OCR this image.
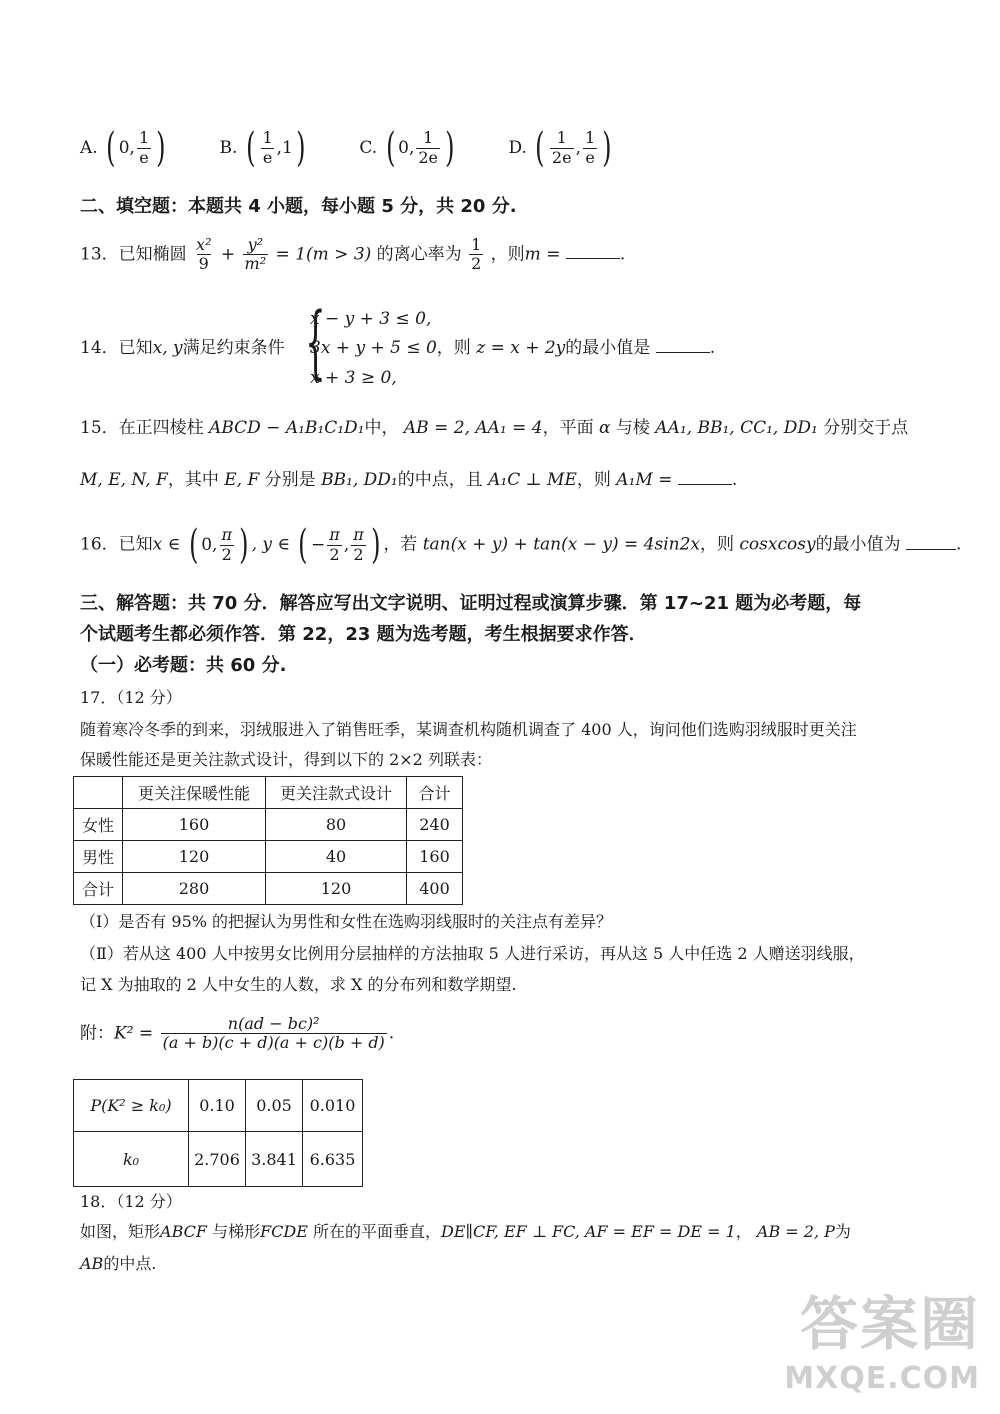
A. ( 0, $\frac{1}{e}$ )	B. ( $\frac{1}{e} ,1$ )	C. ( 0, $\frac{1}{2e}$ )	D. ( $\frac{1}{2e}$ , $\frac{1}{e}$ )
二、填空题：本题共 4 小题，每小题 5 分，共 20 分.
13．已知椭圆 $\frac{\text{x²}}{9} + \frac{\text{y²}}{\text{m²}} = 1(m > 3)$ 的离心率为 $\frac{1}{2}$ ，则m =	.
14．已知x, y满足约束条件 {
x − y + 3 ≤ 0,
3x + y + 5 ≤ 0，则 z = x + 2y的最小值是	.
x + 3 ≥ 0,
15．在正四棱柱 ABCD − A₁B₁C₁D₁中， AB = 2, AA₁ = 4，平面 α 与棱 AA₁, BB₁, CC₁, DD₁ 分别交于点
M, E, N, F，其中 E, F 分别是 BB₁, DD₁的中点，且 A₁C ⊥ ME，则 A₁M =	.
16．已知x ∈ ( 0, $\frac{\pi}{2}$ ) , y ∈ ( − $\frac{\pi}{2}$ , $\frac{\pi}{2}$ ) ，若 tan(x + y) + tan(x − y) = 4sin2x，则 cosxcosy的最小值为	.
三、解答题：共 70 分．解答应写出文字说明、证明过程或演算步骤．第 17~21 题为必考题，每
个试题考生都必须作答．第 22，23 题为选考题，考生根据要求作答．
（一）必考题：共 60 分.
17．（12 分）
随着寒冷冬季的到来，羽绒服进入了销售旺季，某调查机构随机调查了 400 人，询问他们选购羽绒服时更关注
保暖性能还是更关注款式设计，得到以下的 2×2 列联表：
	更关注保暖性能	更关注款式设计	合计
女性	160	80	240
男性	120	40	160
合计	280	120	400
（Ⅰ）是否有 95% 的把握认为男性和女性在选购羽线服时的关注点有差异？
（Ⅱ）若从这 400 人中按男女比例用分层抽样的方法抽取 5 人进行采访，再从这 5 人中任选 2 人赠送羽线服，
记 X 为抽取的 2 人中女生的人数，求 X 的分布列和数学期望.
附：$K^2 = \frac{\text{n(ad − bc)²}}{(a + b)(c + d)(a + c)(b + d)}$ .
P(K² ≥ k₀)	0.10	0.05	0.010
k₀	2.706	3.841	6.635
18．（12 分）
如图，矩形ABCF 与梯形FCDE 所在的平面垂直，DE∥CF, EF ⊥ FC, AF = EF = DE = 1， AB = 2, P为
AB的中点.
答案圈
MXQE.COM
